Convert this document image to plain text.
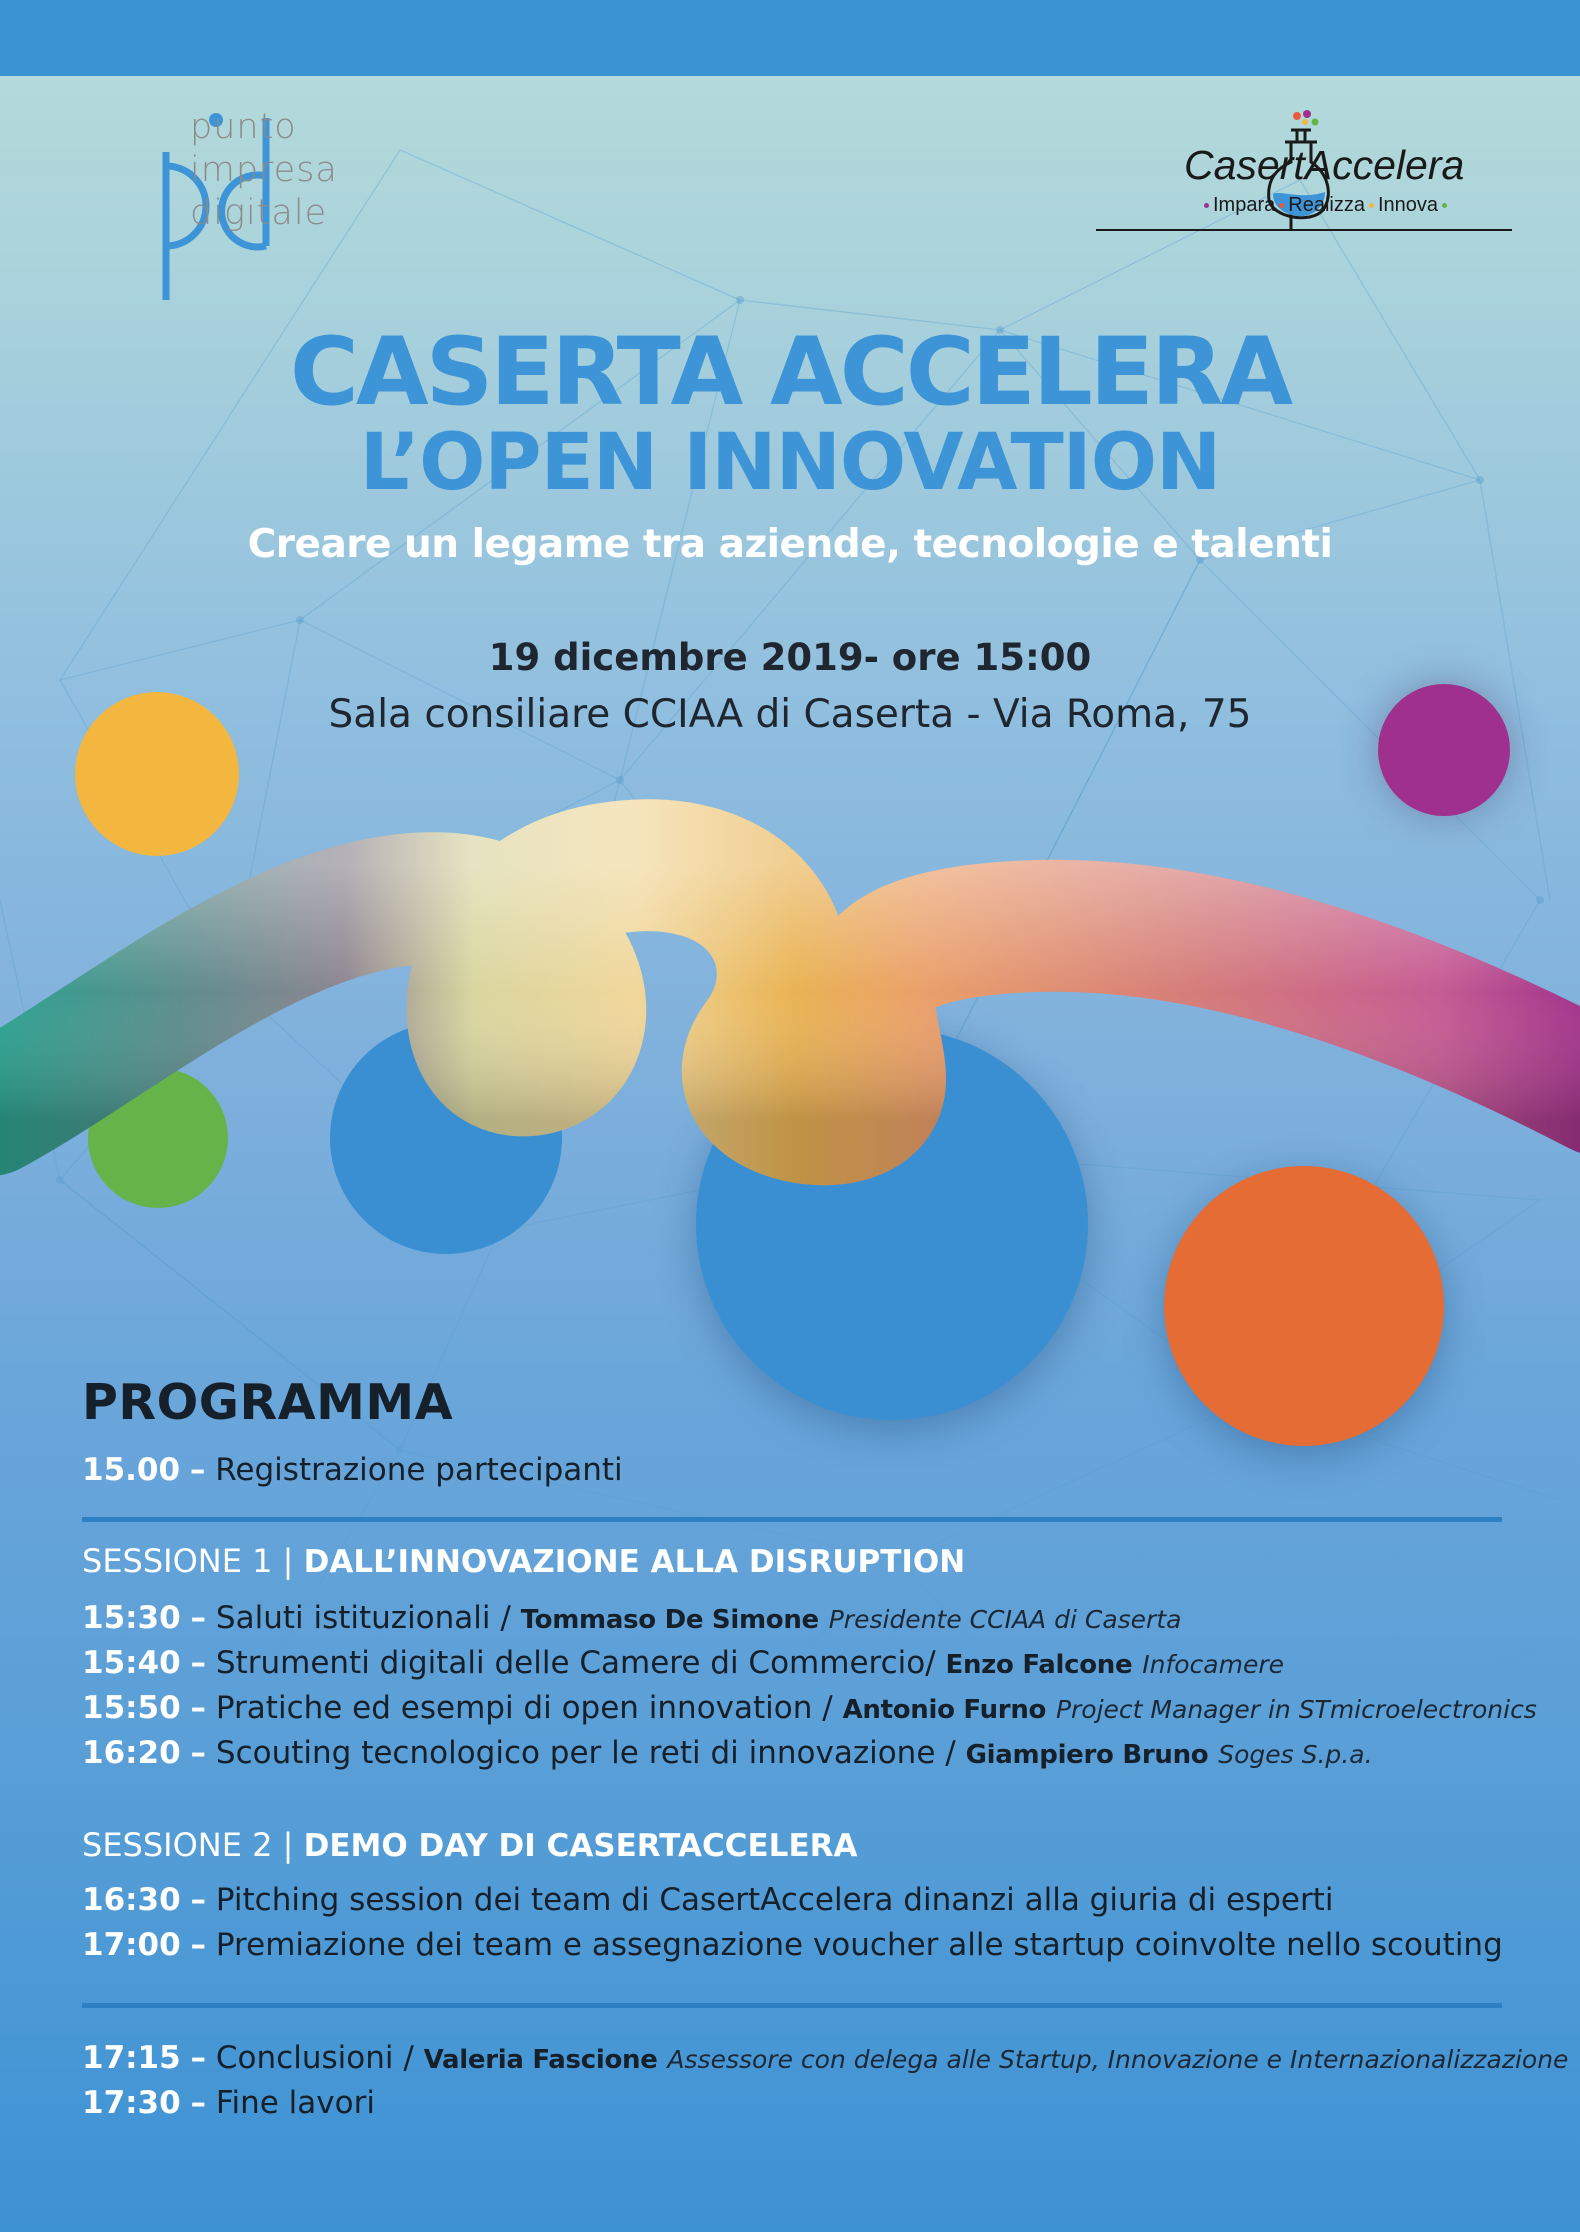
punto
impresa
digitale
CasertAccelera
Impara Realizza Innova
CASERTA ACCELERA
L’OPEN INNOVATION
Creare un legame tra aziende, tecnologie e talenti
19 dicembre 2019- ore 15:00
Sala consiliare CCIAA di Caserta - Via Roma, 75
PROGRAMMA
15.00 – Registrazione partecipanti
SESSIONE 1 | DALL’INNOVAZIONE ALLA DISRUPTION
15:30 – Saluti istituzionali / Tommaso De Simone Presidente CCIAA di Caserta
15:40 – Strumenti digitali delle Camere di Commercio/ Enzo Falcone Infocamere
15:50 – Pratiche ed esempi di open innovation / Antonio Furno Project Manager in STmicroelectronics
16:20 – Scouting tecnologico per le reti di innovazione / Giampiero Bruno Soges S.p.a.
SESSIONE 2 | DEMO DAY DI CASERTACCELERA
16:30 – Pitching session dei team di CasertAccelera dinanzi alla giuria di esperti
17:00 – Premiazione dei team e assegnazione voucher alle startup coinvolte nello scouting
17:15 – Conclusioni / Valeria Fascione Assessore con delega alle Startup, Innovazione e Internazionalizzazione
17:30 – Fine lavori
